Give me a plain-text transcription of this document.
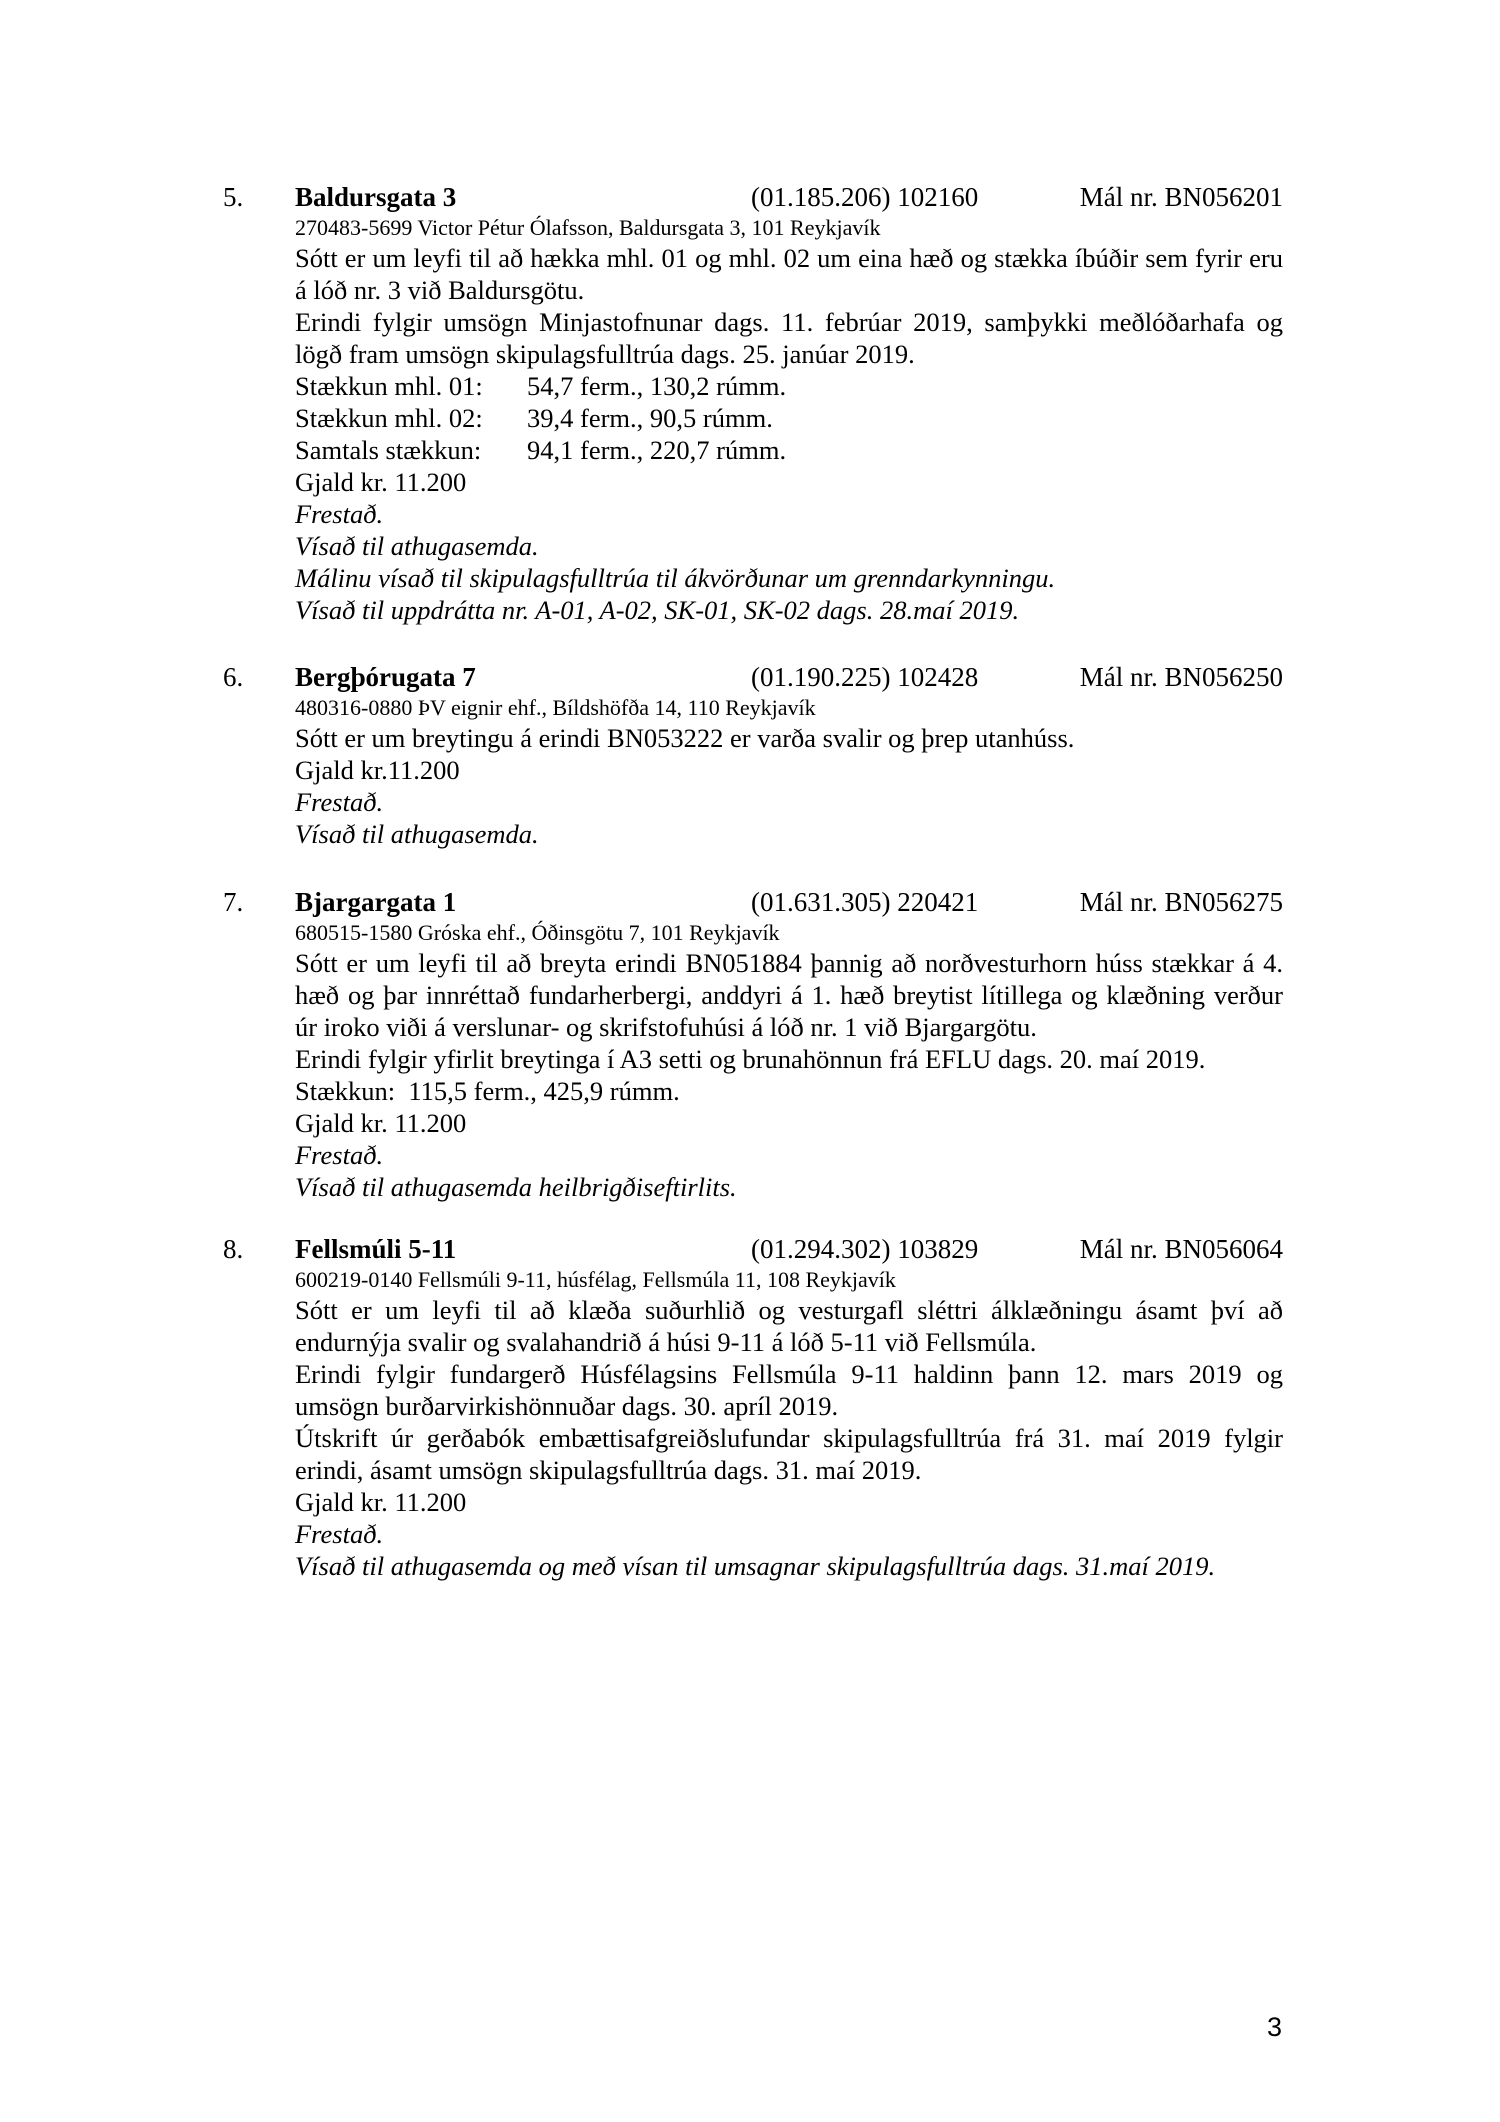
5. Baldursgata 3	(01.185.206) 102160	Mál nr. BN056201
270483-5699 Victor Pétur Ólafsson, Baldursgata 3, 101 Reykjavík
Sótt er um leyfi til að hækka mhl. 01 og mhl. 02 um eina hæð og stækka íbúðir sem fyrir eru á lóð nr. 3 við Baldursgötu.
Erindi fylgir umsögn Minjastofnunar dags. 11. febrúar 2019, samþykki meðlóðarhafa og lögð fram umsögn skipulagsfulltrúa dags. 25. janúar 2019.
Stækkun mhl. 01: 54,7 ferm., 130,2 rúmm.
Stækkun mhl. 02: 39,4 ferm., 90,5 rúmm.
Samtals stækkun: 94,1 ferm., 220,7 rúmm.
Gjald kr. 11.200
Frestað.
Vísað til athugasemda.
Málinu vísað til skipulagsfulltrúa til ákvörðunar um grenndarkynningu.
Vísað til uppdrátta nr. A-01, A-02, SK-01, SK-02 dags. 28.maí 2019.
6. Bergþórugata 7	(01.190.225) 102428	Mál nr. BN056250
480316-0880 ÞV eignir ehf., Bíldshöfða 14, 110 Reykjavík
Sótt er um breytingu á erindi BN053222 er varða svalir og þrep utanhúss.
Gjald kr.11.200
Frestað.
Vísað til athugasemda.
7. Bjargargata 1	(01.631.305) 220421	Mál nr. BN056275
680515-1580 Gróska ehf., Óðinsgötu 7, 101 Reykjavík
Sótt er um leyfi til að breyta erindi BN051884 þannig að norðvesturhorn húss stækkar á 4. hæð og þar innréttað fundarherbergi, anddyri á 1. hæð breytist lítillega og klæðning verður úr iroko viði á verslunar- og skrifstofuhúsi á lóð nr. 1 við Bjargargötu.
Erindi fylgir yfirlit breytinga í A3 setti og brunahönnun frá EFLU dags. 20. maí 2019.
Stækkun: 115,5 ferm., 425,9 rúmm.
Gjald kr. 11.200
Frestað.
Vísað til athugasemda heilbrigðiseftirlits.
8. Fellsmúli 5-11	(01.294.302) 103829	Mál nr. BN056064
600219-0140 Fellsmúli 9-11, húsfélag, Fellsmúla 11, 108 Reykjavík
Sótt er um leyfi til að klæða suðurhlið og vesturgafl sléttri álklæðningu ásamt því að endurnýja svalir og svalahandrið á húsi 9-11 á lóð 5-11 við Fellsmúla.
Erindi fylgir fundargerð Húsfélagsins Fellsmúla 9-11 haldinn þann 12. mars 2019 og umsögn burðarvirkishönnuðar dags. 30. apríl 2019.
Útskrift úr gerðabók embættisafgreiðslufundar skipulagsfulltrúa frá 31. maí 2019 fylgir erindi, ásamt umsögn skipulagsfulltrúa dags. 31. maí 2019.
Gjald kr. 11.200
Frestað.
Vísað til athugasemda og með vísan til umsagnar skipulagsfulltrúa dags. 31.maí 2019.
3
